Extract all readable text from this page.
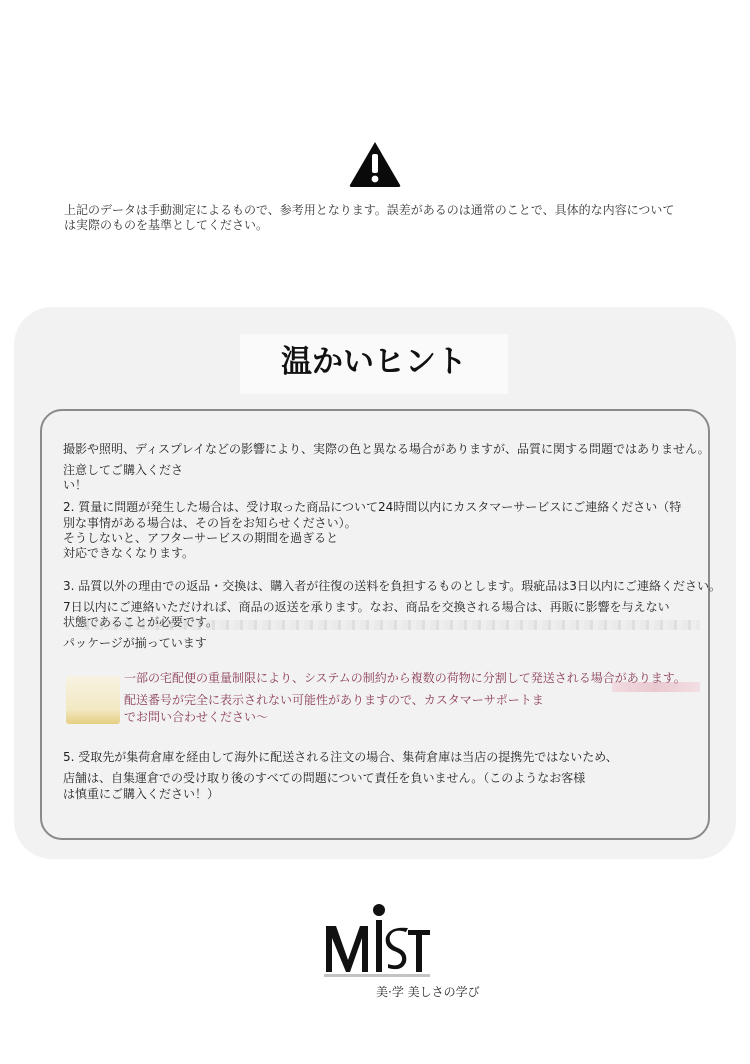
上記のデータは手動測定によるもので、参考用となります。誤差があるのは通常のことで、具体的な内容について
は実際のものを基準としてください。
温かいヒント
撮影や照明、ディスプレイなどの影響により、実際の色と異なる場合がありますが、品質に関する問題ではありません。
注意してご購入くださ
い！
2. 質量に問題が発生した場合は、受け取った商品について24時間以内にカスタマーサービスにご連絡ください（特
別な事情がある場合は、その旨をお知らせください）。
そうしないと、アフターサービスの期間を過ぎると
対応できなくなります。
3. 品質以外の理由での返品・交換は、購入者が往復の送料を負担するものとします。瑕疵品は3日以内にご連絡ください。
7日以内にご連絡いただければ、商品の返送を承ります。なお、商品を交換される場合は、再販に影響を与えない
状態であることが必要です。
パッケージが揃っています
一部の宅配便の重量制限により、システムの制約から複数の荷物に分割して発送される場合があります。
配送番号が完全に表示されない可能性がありますので、カスタマーサポートま
でお問い合わせください～
5. 受取先が集荷倉庫を経由して海外に配送される注文の場合、集荷倉庫は当店の提携先ではないため、
店舗は、自集運倉での受け取り後のすべての問題について責任を負いません。（このようなお客様
は慎重にご購入ください！）
美·学 美しさの学び
